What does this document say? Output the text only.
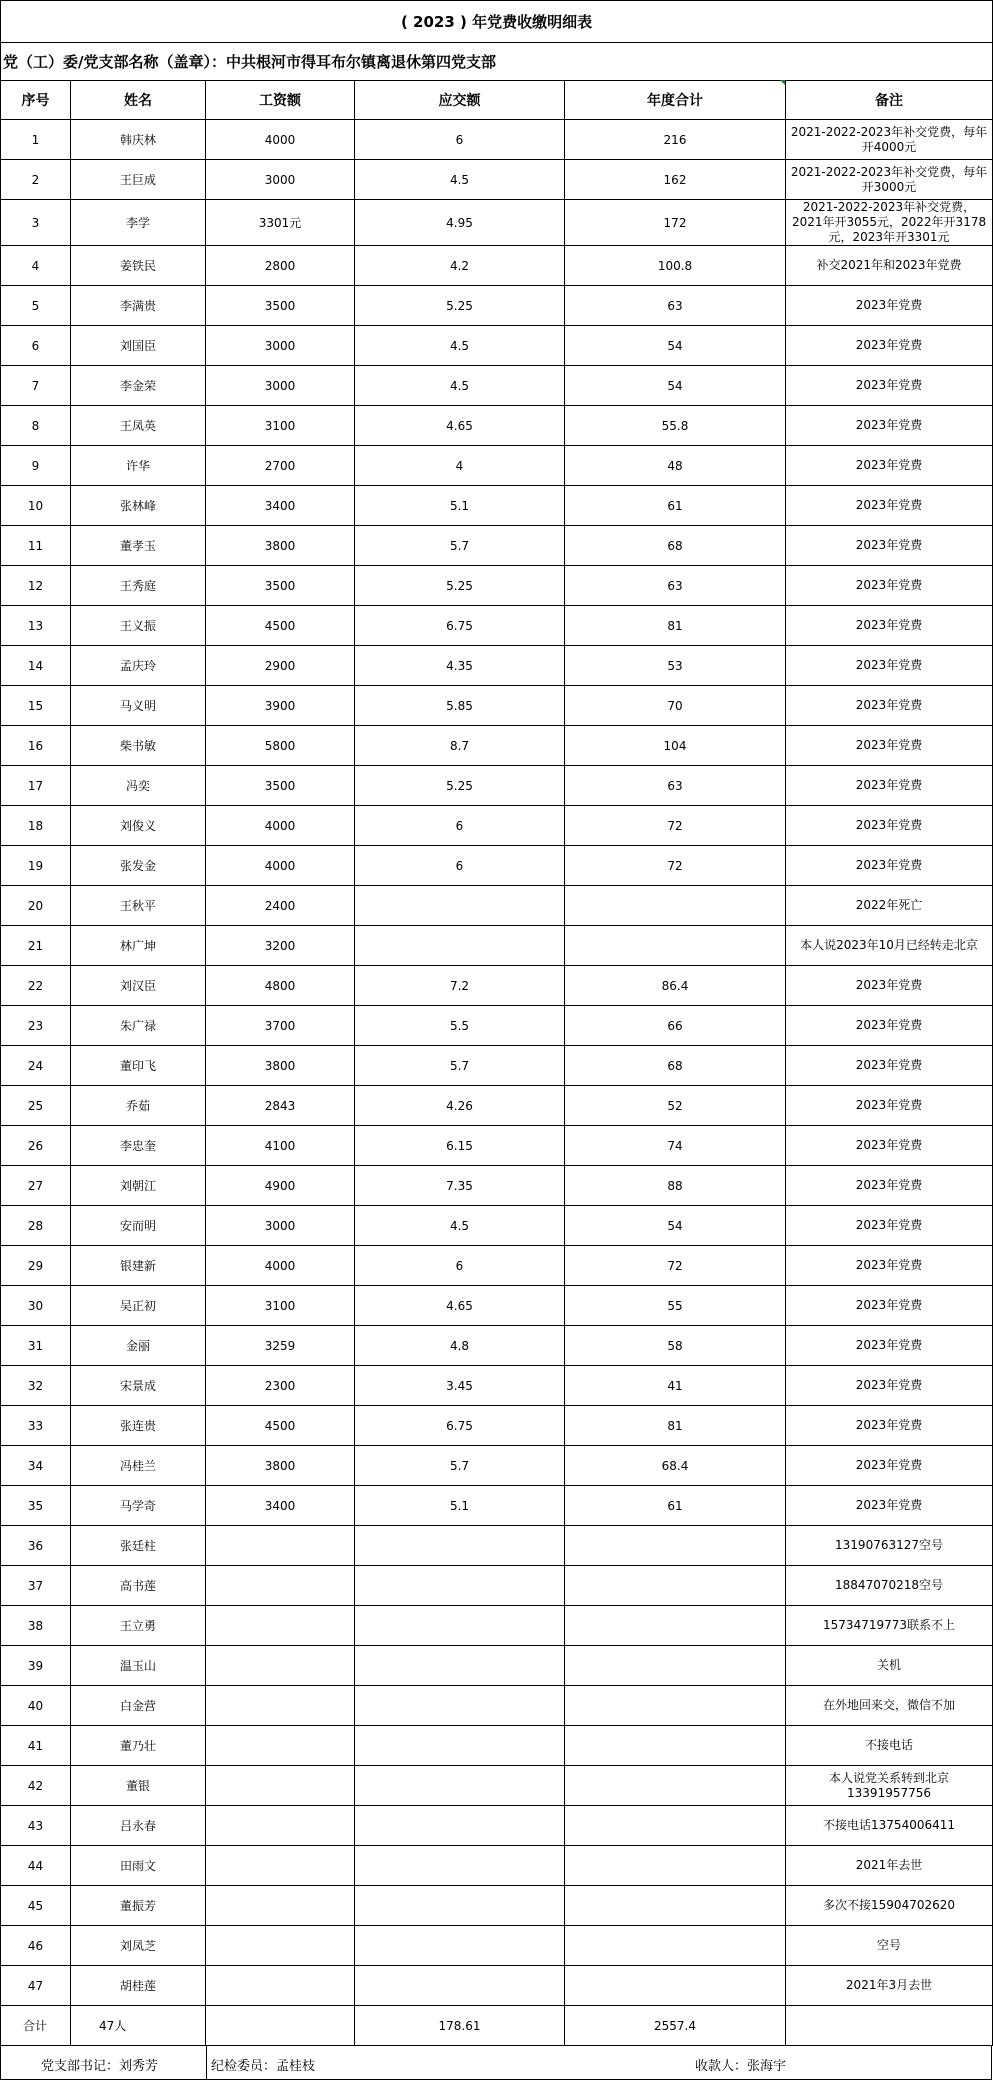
( 2023 ) 年党费收缴明细表					
党（工）委/党支部名称（盖章）：中共根河市得耳布尔镇离退休第四党支部					
序号	姓名	工资额	应交额	年度合计	备注
1	韩庆林	4000	6	216	2021-2022-2023年补交党费，每年开4000元
2	王巨成	3000	4.5	162	2021-2022-2023年补交党费，每年开3000元
3	李学	3301元	4.95	172	2021-2022-2023年补交党费，2021年开3055元，2022年开3178元，2023年开3301元
4	姜铁民	2800	4.2	100.8	补交2021年和2023年党费
5	李满贵	3500	5.25	63	2023年党费
6	刘国臣	3000	4.5	54	2023年党费
7	李金荣	3000	4.5	54	2023年党费
8	王凤英	3100	4.65	55.8	2023年党费
9	许华	2700	4	48	2023年党费
10	张林峰	3400	5.1	61	2023年党费
11	董孝玉	3800	5.7	68	2023年党费
12	王秀庭	3500	5.25	63	2023年党费
13	王义振	4500	6.75	81	2023年党费
14	孟庆玲	2900	4.35	53	2023年党费
15	马义明	3900	5.85	70	2023年党费
16	柴书敏	5800	8.7	104	2023年党费
17	冯奕	3500	5.25	63	2023年党费
18	刘俊义	4000	6	72	2023年党费
19	张发金	4000	6	72	2023年党费
20	王秋平	2400			2022年死亡
21	林广坤	3200			本人说2023年10月已经转走北京
22	刘汉臣	4800	7.2	86.4	2023年党费
23	朱广禄	3700	5.5	66	2023年党费
24	董印飞	3800	5.7	68	2023年党费
25	乔茹	2843	4.26	52	2023年党费
26	李忠奎	4100	6.15	74	2023年党费
27	刘朝江	4900	7.35	88	2023年党费
28	安而明	3000	4.5	54	2023年党费
29	银建新	4000	6	72	2023年党费
30	吴正初	3100	4.65	55	2023年党费
31	金丽	3259	4.8	58	2023年党费
32	宋景成	2300	3.45	41	2023年党费
33	张连贵	4500	6.75	81	2023年党费
34	冯桂兰	3800	5.7	68.4	2023年党费
35	马学奇	3400	5.1	61	2023年党费
36	张廷柱				13190763127空号
37	高书莲				18847070218空号
38	王立勇				15734719773联系不上
39	温玉山				关机
40	白金营				在外地回来交，微信不加
41	董乃壮				不接电话
42	董银				本人说党关系转到北京13391957756
43	吕永春				不接电话13754006411
44	田雨文				2021年去世
45	董振芳				多次不接15904702620
46	刘凤芝				空号
47	胡桂莲				2021年3月去世
合计	47人		178.61	2557.4	
党支部书记：刘秀芳	纪检委员：孟桂枝	收款人：张海宇
